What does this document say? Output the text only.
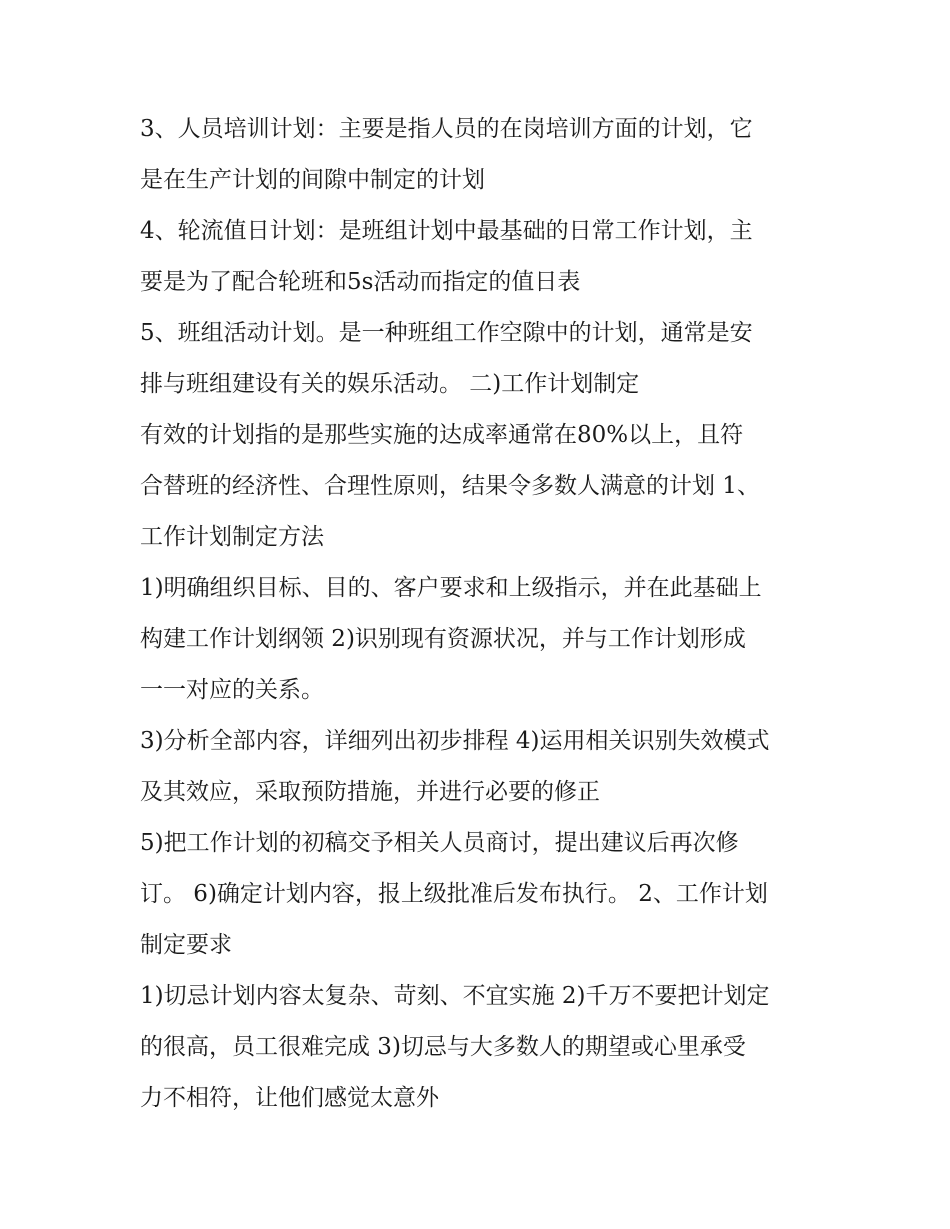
3、人员培训计划：主要是指人员的在岗培训方面的计划，它
是在生产计划的间隙中制定的计划
4、轮流值日计划：是班组计划中最基础的日常工作计划，主
要是为了配合轮班和5s活动而指定的值日表
5、班组活动计划。是一种班组工作空隙中的计划，通常是安
排与班组建设有关的娱乐活动。 二)工作计划制定
有效的计划指的是那些实施的达成率通常在80%以上，且符
合替班的经济性、合理性原则，结果令多数人满意的计划 1、
工作计划制定方法
1)明确组织目标、目的、客户要求和上级指示，并在此基础上
构建工作计划纲领 2)识别现有资源状况，并与工作计划形成
一一对应的关系。
3)分析全部内容，详细列出初步排程 4)运用相关识别失效模式
及其效应，采取预防措施，并进行必要的修正
5)把工作计划的初稿交予相关人员商讨，提出建议后再次修
订。 6)确定计划内容，报上级批准后发布执行。 2、工作计划
制定要求
1)切忌计划内容太复杂、苛刻、不宜实施 2)千万不要把计划定
的很高，员工很难完成 3)切忌与大多数人的期望或心里承受
力不相符，让他们感觉太意外
